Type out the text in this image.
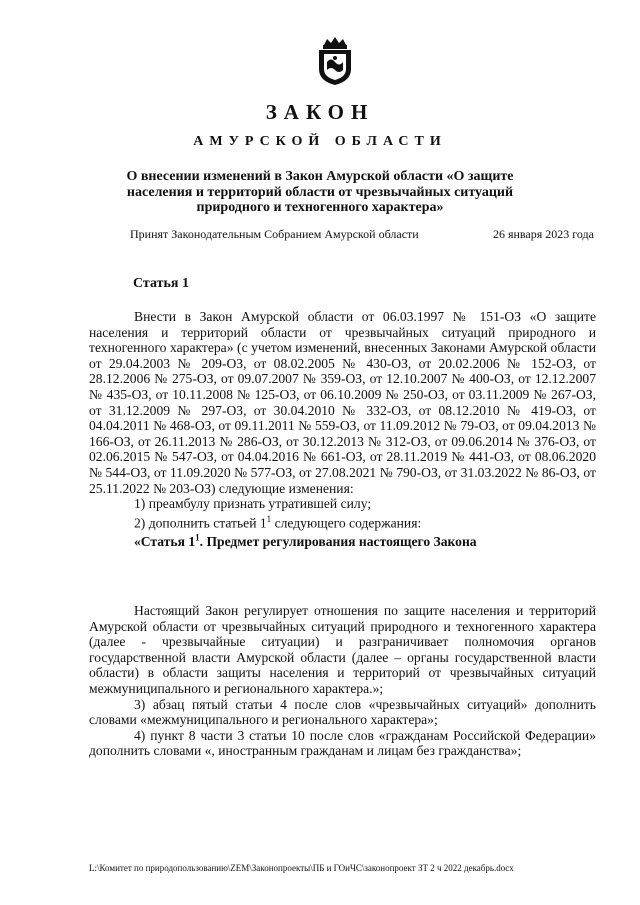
ЗАКОН
АМУРСКОЙ ОБЛАСТИ
О внесении изменений в Закон Амурской области «О защите населения и территорий области от чрезвычайных ситуаций природного и техногенного характера»
Принят Законодательным Собранием Амурской области	26 января 2023 года
Статья 1

Внести в Закон Амурской области от 06.03.1997 № 151-ОЗ «О защите населения и территорий области от чрезвычайных ситуаций природного и техногенного характера» (с учетом изменений, внесенных Законами Амурской области от 29.04.2003 № 209-ОЗ, от 08.02.2005 № 430-ОЗ, от 20.02.2006 № 152-ОЗ, от 28.12.2006 № 275-ОЗ, от 09.07.2007 № 359-ОЗ, от 12.10.2007 № 400-ОЗ, от 12.12.2007 № 435-ОЗ, от 10.11.2008 № 125-ОЗ, от 06.10.2009 № 250-ОЗ, от 03.11.2009 № 267-ОЗ, от 31.12.2009 № 297-ОЗ, от 30.04.2010 № 332-ОЗ, от 08.12.2010 № 419-ОЗ, от 04.04.2011 № 468-ОЗ, от 09.11.2011 № 559-ОЗ, от 11.09.2012 № 79-ОЗ, от 09.04.2013 № 166-ОЗ, от 26.11.2013 № 286-ОЗ, от 30.12.2013 № 312-ОЗ, от 09.06.2014 № 376-ОЗ, от 02.06.2015 № 547-ОЗ, от 04.04.2016 № 661-ОЗ, от 28.11.2019 № 441-ОЗ, от 08.06.2020 № 544-ОЗ, от 11.09.2020 № 577-ОЗ, от 27.08.2021 № 790-ОЗ, от 31.03.2022 № 86-ОЗ, от 25.11.2022 № 203-ОЗ) следующие изменения:

1) преамбулу признать утратившей силу;

2) дополнить статьей $1^1$ следующего содержания:

«Статья $1^1$. Предмет регулирования настоящего Закона

Настоящий Закон регулирует отношения по защите населения и территорий Амурской области от чрезвычайных ситуаций природного и техногенного характера (далее - чрезвычайные ситуации) и разграничивает полномочия органов государственной власти Амурской области (далее – органы государственной власти области) в области защиты населения и территорий от чрезвычайных ситуаций межмуниципального и регионального характера.»;

3) абзац пятый статьи 4 после слов «чрезвычайных ситуаций» дополнить словами «межмуниципального и регионального характера»;

4) пункт 8 части 3 статьи 10 после слов «гражданам Российской Федерации» дополнить словами «, иностранным гражданам и лицам без гражданства»;

L:\Комитет по природопользованию\ZEM\Законопроекты\ПБ и ГОиЧС\законопроект ЗТ 2 ч 2022 декабрь.docx
